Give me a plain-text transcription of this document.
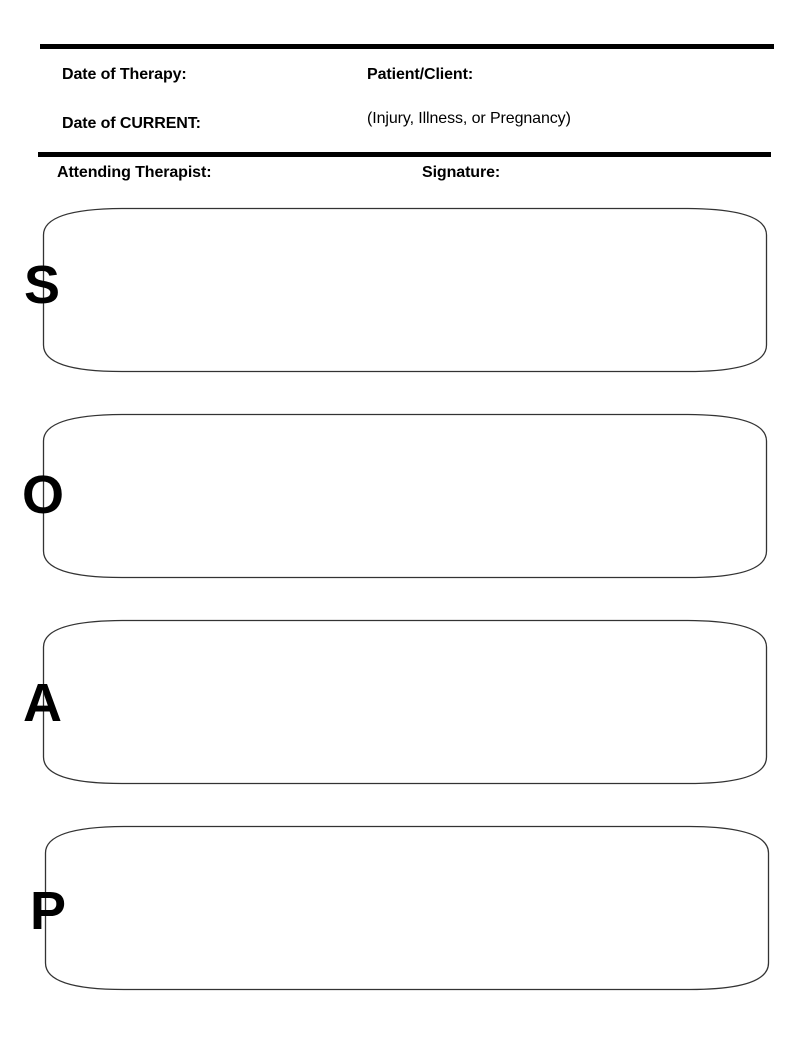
Date of Therapy:	Patient/Client:
Date of CURRENT:	(Injury, Illness, or Pregnancy)
Attending Therapist:	Signature:
S
O
A
P
